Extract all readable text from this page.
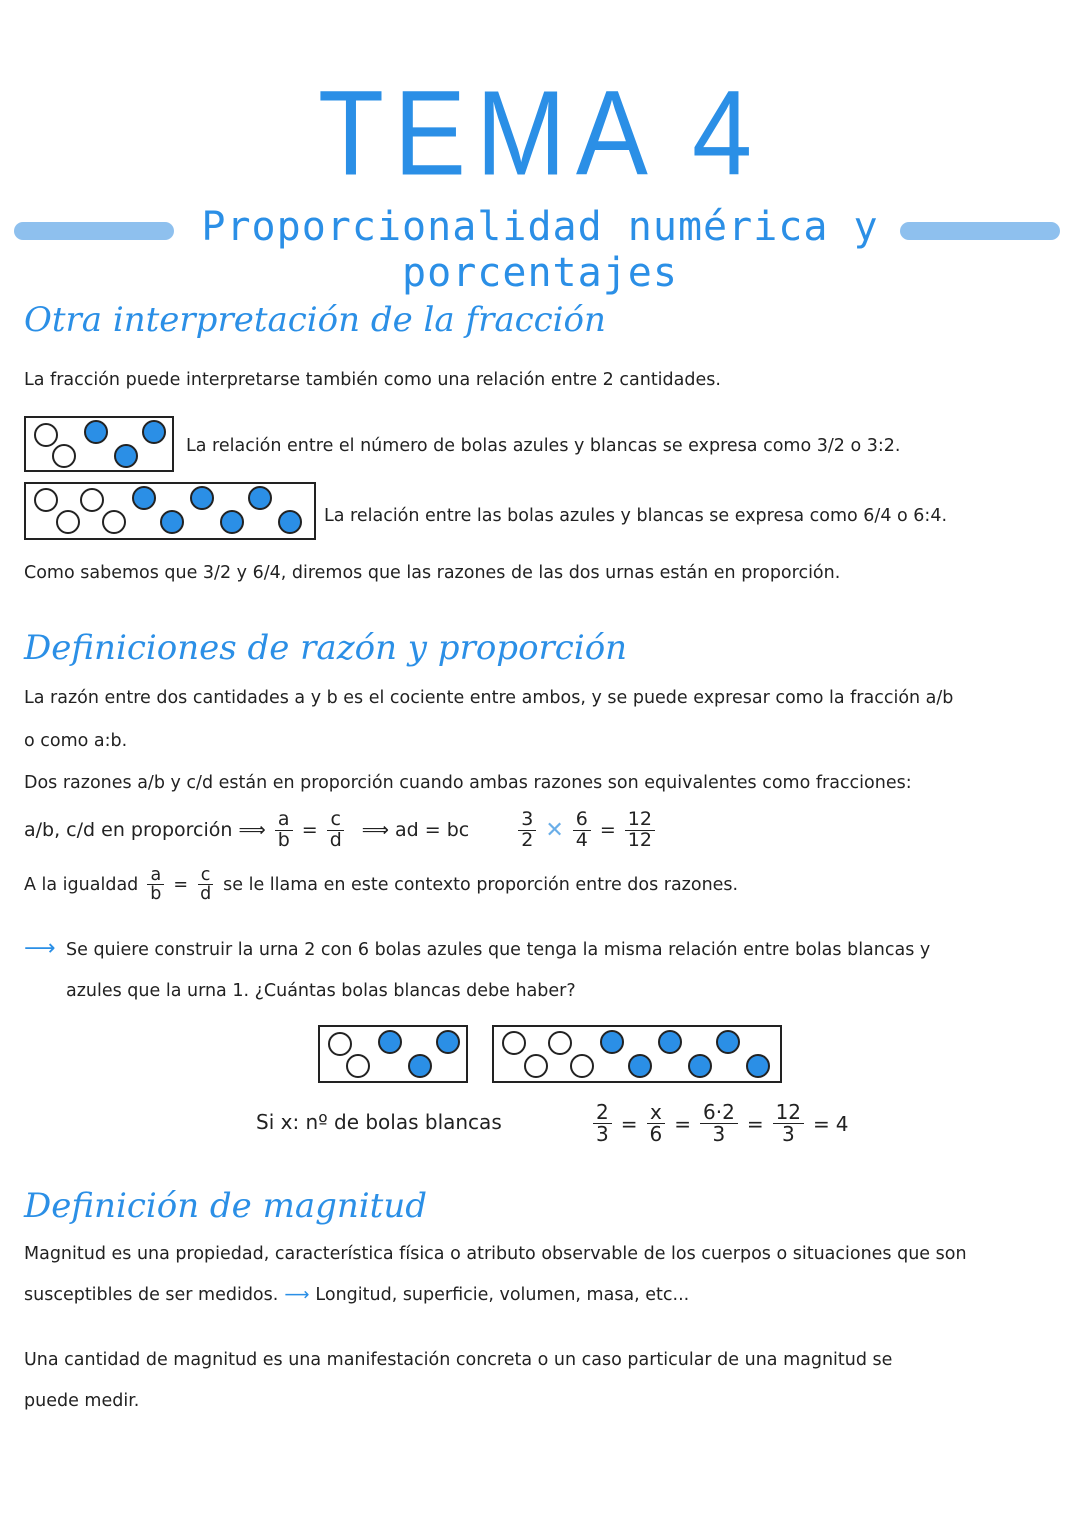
TEMA 4
Proporcionalidad numérica y porcentajes
Otra interpretación de la fracción
La fracción puede interpretarse también como una relación entre 2 cantidades.
La relación entre el número de bolas azules y blancas se expresa como 3/2 o 3:2.
La relación entre las bolas azules y blancas se expresa como 6/4 o 6:4.
Como sabemos que 3/2 y 6/4, diremos que las razones de las dos urnas están en proporción.
Definiciones de razón y proporción
La razón entre dos cantidades a y b es el cociente entre ambos, y se puede expresar como la fracción a/b
o como a:b.
Dos razones a/b y c/d están en proporción cuando ambas razones son equivalentes como fracciones:
a/b, c/d en proporción ⟹ $\frac{a}{b} = \frac{c}{d}$ ⟹ ad = bc	$\frac{3}{2}$ ✕ $\frac{6}{4} = \frac{12}{12}$
A la igualdad $\frac{a}{b} = \frac{c}{d}$ se le llama en este contexto proporción entre dos razones.
⟶ Se quiere construir la urna 2 con 6 bolas azules que tenga la misma relación entre bolas blancas y
azules que la urna 1. ¿Cuántas bolas blancas debe haber?
Si x: nº de bolas blancas	$\frac{2}{3} = \frac{x}{6} = \frac{6\cdot 2}{3} = \frac{12}{3} = 4$
Definición de magnitud
Magnitud es una propiedad, característica física o atributo observable de los cuerpos o situaciones que son
susceptibles de ser medidos. ⟶ Longitud, superficie, volumen, masa, etc...
Una cantidad de magnitud es una manifestación concreta o un caso particular de una magnitud se
puede medir.
